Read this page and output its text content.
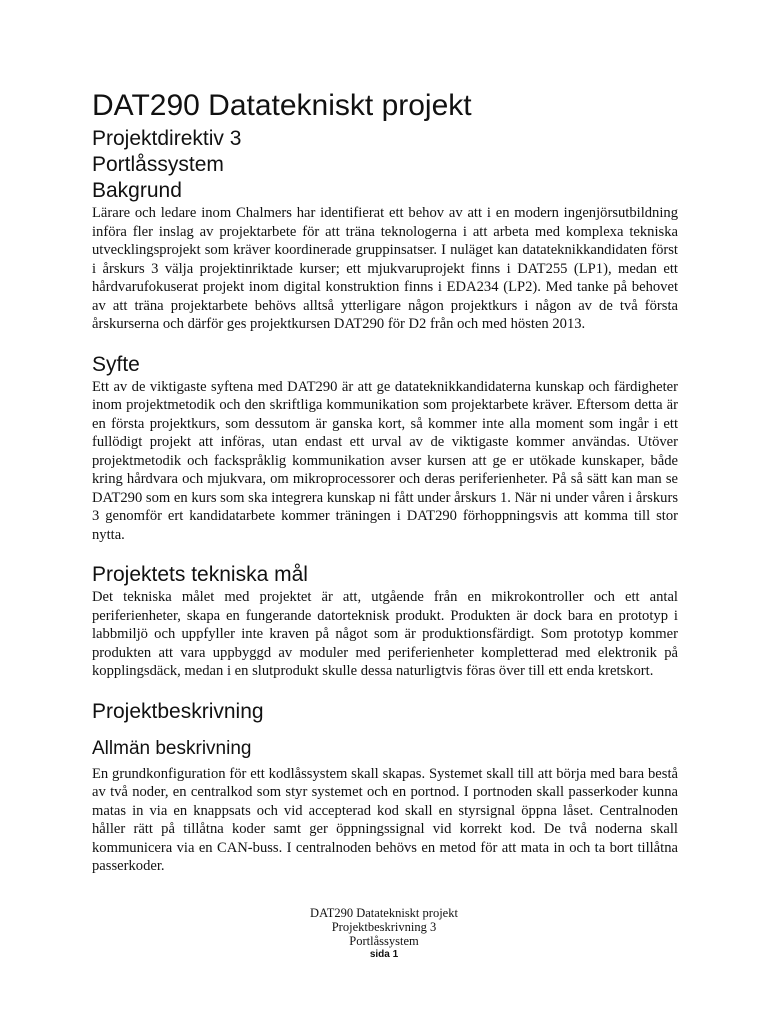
DAT290 Datatekniskt projekt
Projektdirektiv 3
Portlåssystem
Bakgrund

Lärare och ledare inom Chalmers har identifierat ett behov av att i en modern ingenjörsutbildning införa fler inslag av projektarbete för att träna teknologerna i att arbeta med komplexa tekniska utvecklingsprojekt som kräver koordinerade gruppinsatser. I nuläget kan datateknikkandidaten först i årskurs 3 välja projektinriktade kurser; ett mjukvaruprojekt finns i DAT255 (LP1), medan ett hårdvarufokuserat projekt inom digital konstruktion finns i EDA234 (LP2). Med tanke på behovet av att träna projektarbete behövs alltså ytterligare någon projektkurs i någon av de två första årskurserna och därför ges projektkursen DAT290 för D2 från och med hösten 2013.

Syfte

Ett av de viktigaste syftena med DAT290 är att ge datateknikkandidaterna kunskap och färdigheter inom projektmetodik och den skriftliga kommunikation som projektarbete kräver. Eftersom detta är en första projektkurs, som dessutom är ganska kort, så kommer inte alla moment som ingår i ett fullödigt projekt att införas, utan endast ett urval av de viktigaste kommer användas. Utöver projektmetodik och fackspråklig kommunikation avser kursen att ge er utökade kunskaper, både kring hårdvara och mjukvara, om mikroprocessorer och deras periferienheter. På så sätt kan man se DAT290 som en kurs som ska integrera kunskap ni fått under årskurs 1. När ni under våren i årskurs 3 genomför ert kandidatarbete kommer träningen i DAT290 förhoppningsvis att komma till stor nytta.

Projektets tekniska mål

Det tekniska målet med projektet är att, utgående från en mikrokontroller och ett antal periferienheter, skapa en fungerande datorteknisk produkt. Produkten är dock bara en prototyp i labbmiljö och uppfyller inte kraven på något som är produktionsfärdigt. Som prototyp kommer produkten att vara uppbyggd av moduler med periferienheter kompletterad med elektronik på kopplingsdäck, medan i en slutprodukt skulle dessa naturligtvis föras över till ett enda kretskort.

Projektbeskrivning
Allmän beskrivning

En grundkonfiguration för ett kodlåssystem skall skapas. Systemet skall till att börja med bara bestå av två noder, en centralkod som styr systemet och en portnod. I portnoden skall passerkoder kunna matas in via en knappsats och vid accepterad kod skall en styrsignal öppna låset. Centralnoden håller rätt på tillåtna koder samt ger öppningssignal vid korrekt kod. De två noderna skall kommunicera via en CAN-buss. I centralnoden behövs en metod för att mata in och ta bort tillåtna passerkoder.

DAT290 Datatekniskt projekt
Projektbeskrivning 3
Portlåssystem
sida 1
